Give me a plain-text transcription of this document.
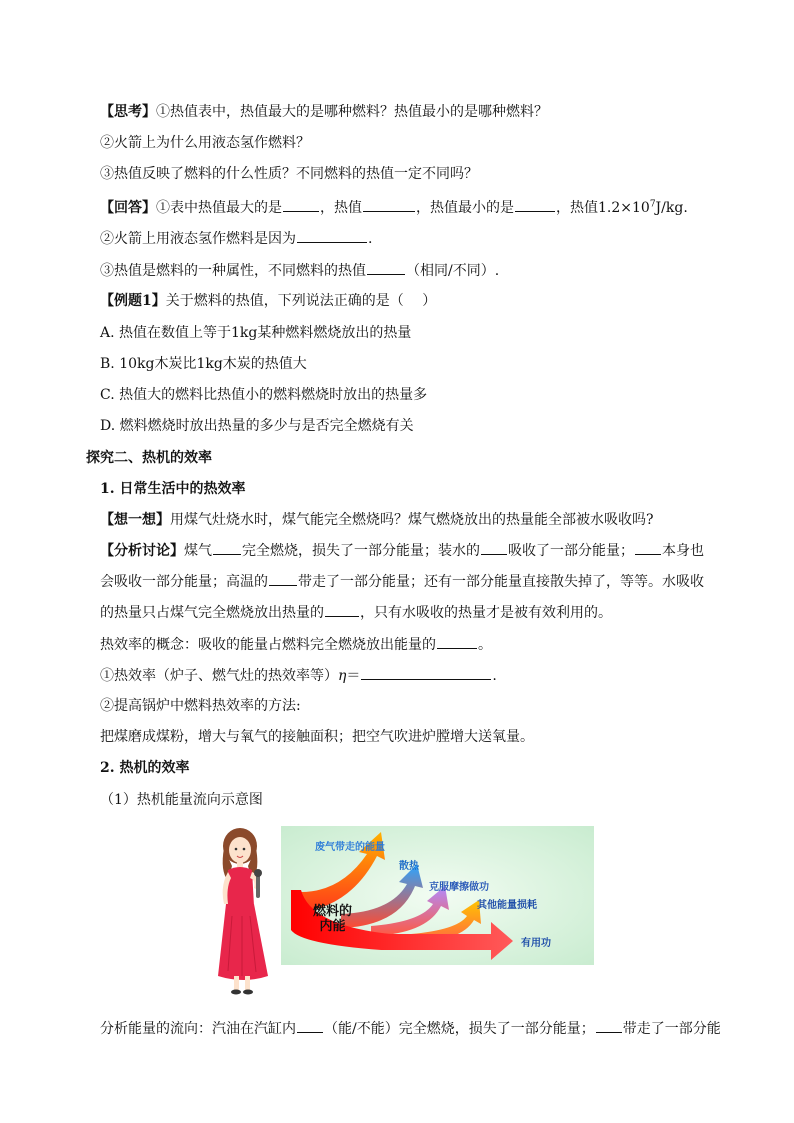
【思考】①热值表中，热值最大的是哪种燃料？热值最小的是哪种燃料？
②火箭上为什么用液态氢作燃料？
③热值反映了燃料的什么性质？不同燃料的热值一定不同吗？
【回答】①表中热值最大的是	，热值	，热值最小的是	，热值$1.2\times 10^7J/kg$.
②火箭上用液态氢作燃料是因为	.
③热值是燃料的一种属性，不同燃料的热值	（相同/不同）.
【例题1】关于燃料的热值，下列说法正确的是（　 ）
A. 热值在数值上等于1kg某种燃料燃烧放出的热量
B. 10kg木炭比1kg木炭的热值大
C. 热值大的燃料比热值小的燃料燃烧时放出的热量多
D. 燃料燃烧时放出热量的多少与是否完全燃烧有关
探究二、热机的效率
1. 日常生活中的热效率
【想一想】用煤气灶烧水时，煤气能完全燃烧吗？煤气燃烧放出的热量能全部被水吸收吗?
【分析讨论】煤气 完全燃烧，损失了一部分能量；装水的 吸收了一部分能量； 本身也会吸收一部分能量；高温的 带走了一部分能量；还有一部分能量直接散失掉了，等等。水吸收的热量只占煤气完全燃烧放出热量的	，只有水吸收的热量才是被有效利用的。
热效率的概念：吸收的能量占燃料完全燃烧放出能量的	。
①热效率（炉子、燃气灶的热效率等）η＝	.
②提高锅炉中燃料热效率的方法:
把煤磨成煤粉，增大与氧气的接触面积；把空气吹进炉膛增大送氧量。
2. 热机的效率
（1）热机能量流向示意图
燃料的
内能
废气带走的能量
散热
克服摩擦做功
其他能量损耗
有用功
分析能量的流向：汽油在汽缸内 （能/不能）完全燃烧，损失了一部分能量； 带走了一部分能
